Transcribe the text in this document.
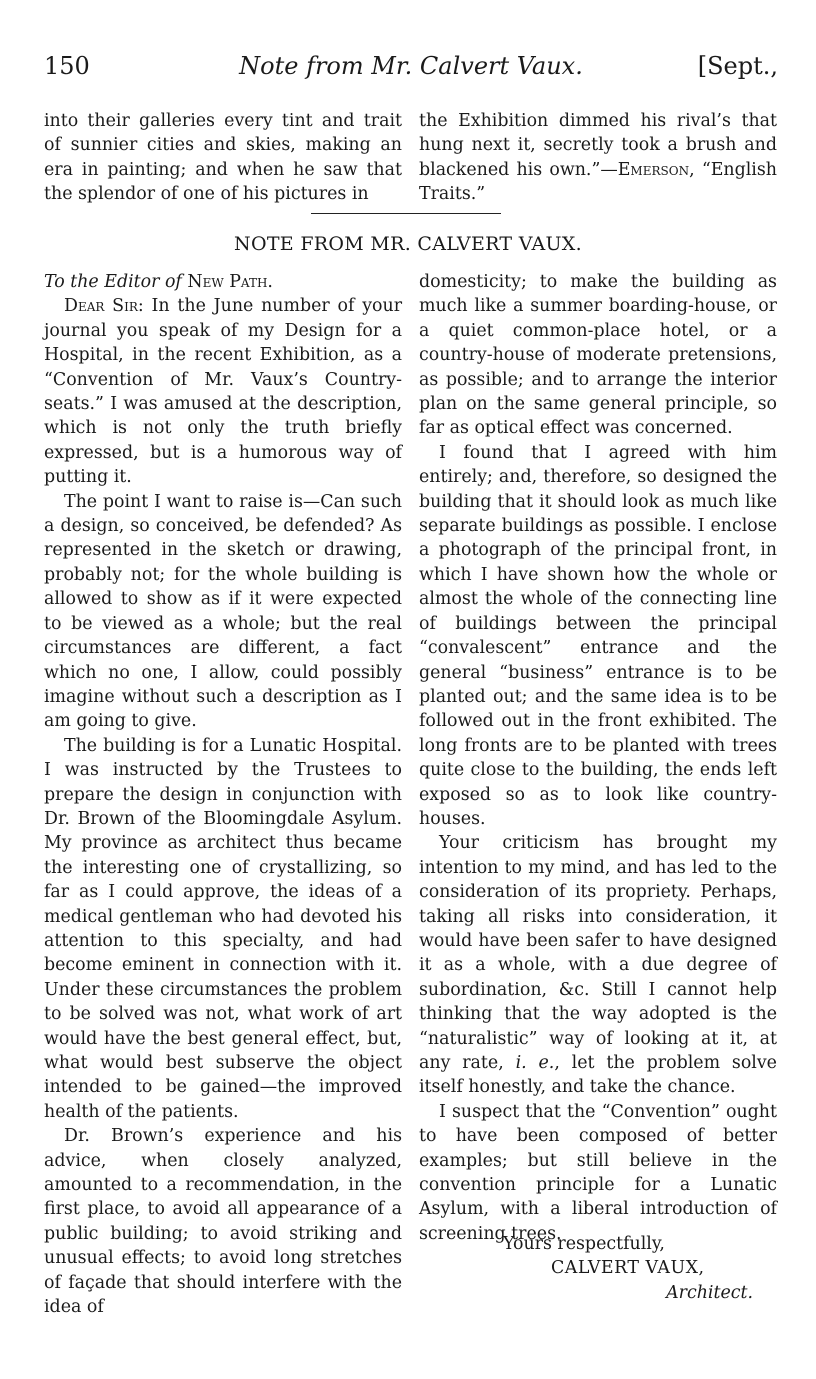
150	Note from Mr. Calvert Vaux.	[Sept.,

into their galleries every tint and trait of sunnier cities and skies, making an era in painting; and when he saw that the splendor of one of his pictures in

the Exhibition dimmed his rival’s that hung next it, secretly took a brush and blackened his own.”—Emerson, “English Traits.”

NOTE FROM MR. CALVERT VAUX.

To the Editor of New Path.

Dear Sir: In the June number of your journal you speak of my Design for a Hospital, in the recent Exhibition, as a “Convention of Mr. Vaux’s Country-seats.” I was amused at the description, which is not only the truth briefly expressed, but is a humorous way of putting it.

The point I want to raise is—Can such a design, so conceived, be defended? As represented in the sketch or drawing, probably not; for the whole building is allowed to show as if it were expected to be viewed as a whole; but the real circumstances are different, a fact which no one, I allow, could possibly imagine without such a description as I am going to give.

The building is for a Lunatic Hospital. I was instructed by the Trustees to prepare the design in conjunction with Dr. Brown of the Bloomingdale Asylum. My province as architect thus became the interesting one of crystallizing, so far as I could approve, the ideas of a medical gentleman who had devoted his attention to this specialty, and had become eminent in connection with it. Under these circumstances the problem to be solved was not, what work of art would have the best general effect, but, what would best subserve the object intended to be gained—the improved health of the patients.

Dr. Brown’s experience and his advice, when closely analyzed, amounted to a recommendation, in the first place, to avoid all appearance of a public building; to avoid striking and unusual effects; to avoid long stretches of façade that should interfere with the idea of

domesticity; to make the building as much like a summer boarding-house, or a quiet common-place hotel, or a country-house of moderate pretensions, as possible; and to arrange the interior plan on the same general principle, so far as optical effect was concerned.

I found that I agreed with him entirely; and, therefore, so designed the building that it should look as much like separate buildings as possible. I enclose a photograph of the principal front, in which I have shown how the whole or almost the whole of the connecting line of buildings between the principal “convalescent” entrance and the general “business” entrance is to be planted out; and the same idea is to be followed out in the front exhibited. The long fronts are to be planted with trees quite close to the building, the ends left exposed so as to look like country-houses.

Your criticism has brought my intention to my mind, and has led to the consideration of its propriety. Perhaps, taking all risks into consideration, it would have been safer to have designed it as a whole, with a due degree of subordination, &c. Still I cannot help thinking that the way adopted is the “naturalistic” way of looking at it, at any rate, i. e., let the problem solve itself honestly, and take the chance.

I suspect that the “Convention” ought to have been composed of better examples; but still believe in the convention principle for a Lunatic Asylum, with a liberal introduction of screening trees.

Yours respectfully,
CALVERT VAUX,
Architect.
